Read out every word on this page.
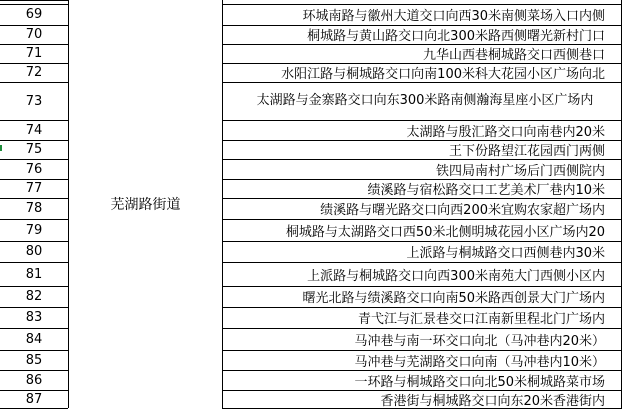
69	环城南路与徽州大道交口向西30米南侧菜场入口内侧
70	桐城路与黄山路交口向北300米路西侧曙光新村门口
71	九华山西巷桐城路交口西侧巷口
72	水阳江路与桐城路交口向南100米科大花园小区广场向北
73	太湖路与金寨路交口向东300米路南侧瀚海星座小区广场内
74	太湖路与殷汇路交口向南巷内20米
75	王下份路望江花园西门两侧
76	铁四局南村广场后门西侧院内
77	绩溪路与宿松路交口工艺美术厂巷内10米
78	绩溪路与曙光路交口向西200米宜购农家超广场内
79	桐城路与太湖路交口西50米北侧明城花园小区广场内20
80	上派路与桐城路交口西侧巷内30米
81	上派路与桐城路交口向西300米南苑大门西侧小区内
82	曙光北路与绩溪路交口向南50米路西创景大门广场内
83	青弋江与汇景巷交口江南新里程北门广场内
84	马冲巷与南一环交口向北（马冲巷内20米）
85	马冲巷与芜湖路交口向南（马冲巷内10米）
86	一环路与桐城路交口向北50米桐城路菜市场
87	香港街与桐城路交口向东20米香港街内
芜湖路街道
